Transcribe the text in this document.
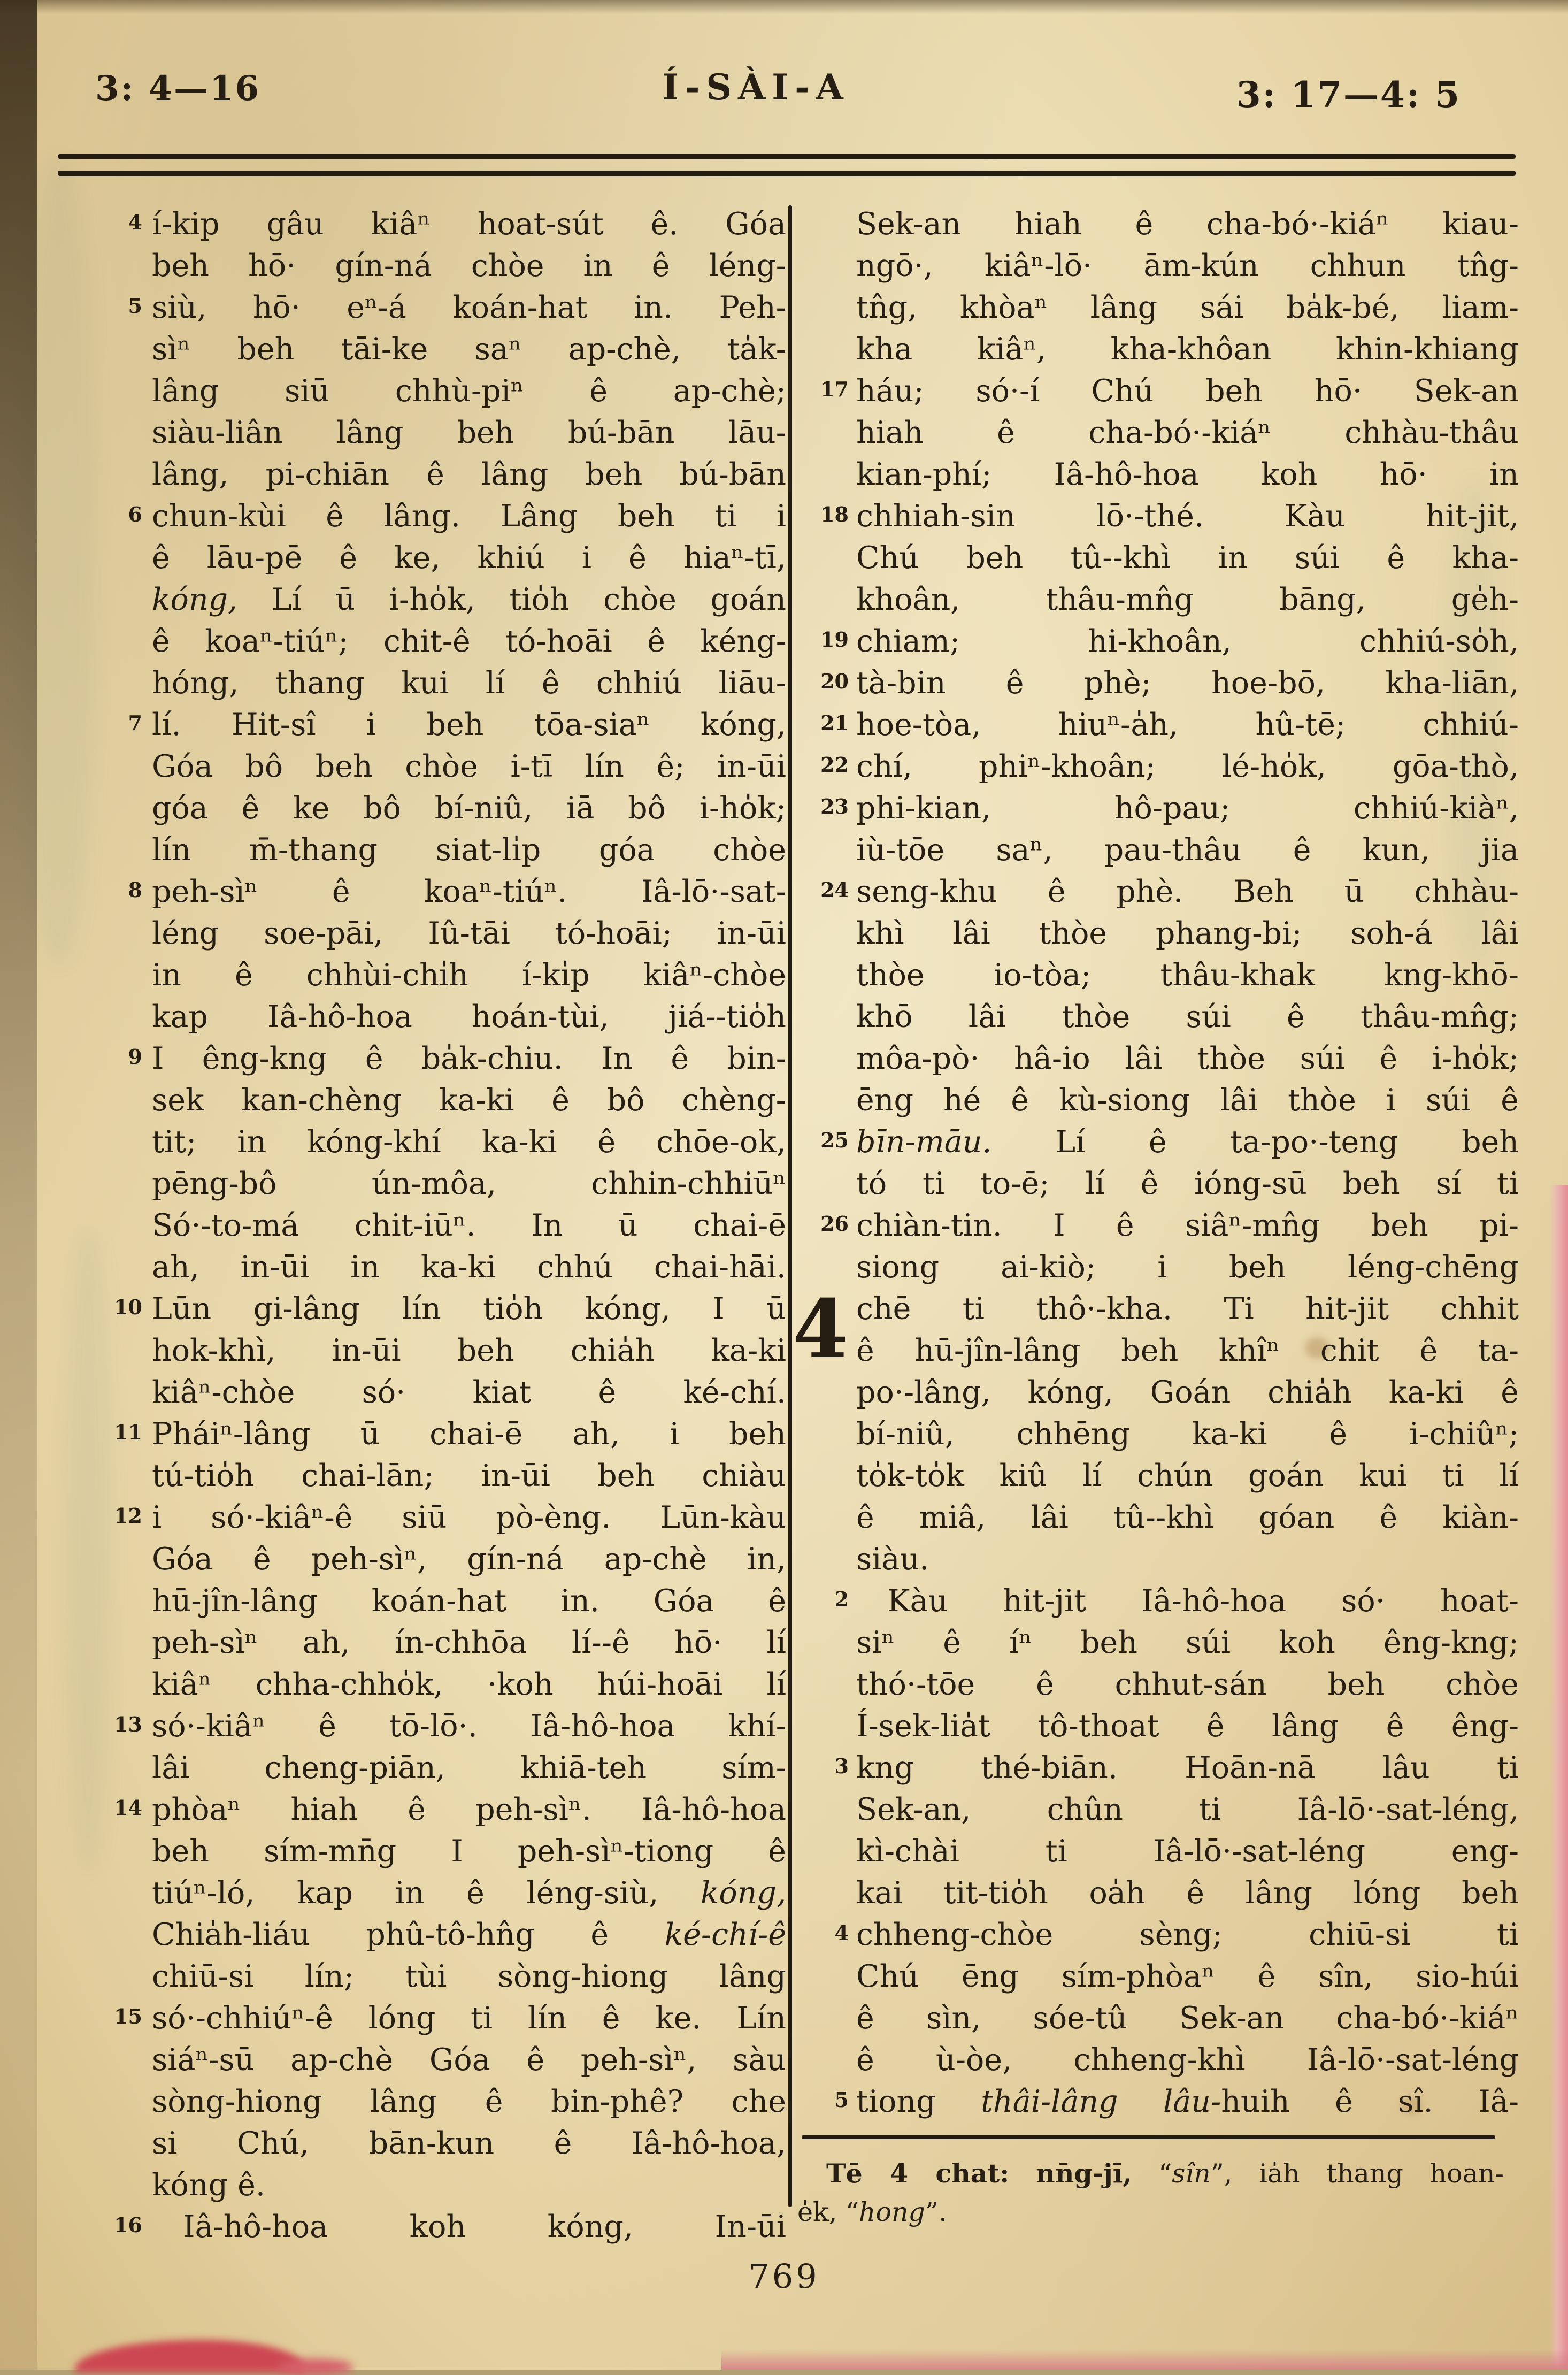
3: 4—16	Í-SÀI-A	3: 17—4: 5
4 í-kip gâu kiâⁿ hoat-sút ê. Góa
beh hō· gín-ná chòe in ê léng-
5 siù, hō· eⁿ-á koán-hat in. Peh-
sìⁿ beh tāi-ke saⁿ ap-chè, ta̍k-
lâng siū chhù-piⁿ ê ap-chè;
siàu-liân lâng beh bú-bān lāu-
lâng, pi-chiān ê lâng beh bú-bān
6 chun-kùi ê lâng. Lâng beh ti i
ê lāu-pē ê ke, khiú i ê hiaⁿ-tī,
kóng, Lí ū i-ho̍k, tio̍h chòe goán
ê koaⁿ-tiúⁿ; chit-ê tó-hoāi ê kéng-
hóng, thang kui lí ê chhiú liāu-
7 lí. Hit-sî i beh tōa-siaⁿ kóng,
Góa bô beh chòe i-tī lín ê; in-ūi
góa ê ke bô bí-niû, iā bô i-ho̍k;
lín m̄-thang siat-li̍p góa chòe
8 peh-sìⁿ ê koaⁿ-tiúⁿ. Iâ-lō·-sat-
léng soe-pāi, Iû-tāi tó-hoāi; in-ūi
in ê chhùi-chi̍h í-ki̍p kiâⁿ-chòe
kap Iâ-hô-hoa hoán-tùi, jiá--tio̍h
9 I êng-kng ê ba̍k-chiu. In ê bin-
sek kan-chèng ka-ki ê bô chèng-
tit; in kóng-khí ka-ki ê chōe-ok,
pēng-bô ún-môa, chhin-chhiūⁿ
Só·-to-má chit-iūⁿ. In ū chai-ē
ah, in-ūi in ka-ki chhú chai-hāi.
10 Lūn gi-lâng lín tio̍h kóng, I ū
hok-khì, in-ūi beh chia̍h ka-ki
kiâⁿ-chòe só· kiat ê ké-chí.
11 Pháiⁿ-lâng ū chai-ē ah, i beh
tú-tio̍h chai-lān; in-ūi beh chiàu
12 i só·-kiâⁿ-ê siū pò-èng. Lūn-kàu
Góa ê peh-sìⁿ, gín-ná ap-chè in,
hū-jîn-lâng koán-hat in. Góa ê
peh-sìⁿ ah, ín-chhōa lí--ê hō· lí
kiâⁿ chha-chho̍k, ·koh húi-hoāi lí
13 só·-kiâⁿ ê tō-lō·. Iâ-hô-hoa khí-
lâi cheng-piān, khiā-teh sím-
14 phòaⁿ hiah ê peh-sìⁿ. Iâ-hô-hoa
beh sím-mn̄g I peh-sìⁿ-tiong ê
tiúⁿ-ló, kap in ê léng-siù, kóng,
Chia̍h-liáu phû-tô-hn̂g ê ké-chí-ê
chiū-si lín; tùi sòng-hiong lâng
15 só·-chhiúⁿ-ê lóng ti lín ê ke. Lín
siáⁿ-sū ap-chè Góa ê peh-sìⁿ, sàu
sòng-hiong lâng ê bin-phê? che
si Chú, bān-kun ê Iâ-hô-hoa,
kóng ê.
16	Iâ-hô-hoa koh kóng, In-ūi
Sek-an hiah ê cha-bó·-kiáⁿ kiau-
ngō·, kiâⁿ-lō· ām-kún chhun tn̂g-
tn̂g, khòaⁿ lâng sái ba̍k-bé, liam-
kha kiâⁿ, kha-khôan khin-khiang
17 háu; só·-í Chú beh hō· Sek-an
hiah ê cha-bó·-kiáⁿ chhàu-thâu
kian-phí; Iâ-hô-hoa koh hō· in
18 chhiah-sin lō·-thé. Kàu hit-jit,
Chú beh tû--khì in súi ê kha-
khoân, thâu-mn̂g bāng, ge̍h-
19 chiam; hi-khoân, chhiú-so̍h,
20 tà-bin ê phè; hoe-bō, kha-liān,
21 hoe-tòa, hiuⁿ-a̍h, hû-tē; chhiú-
22 chí, phiⁿ-khoân; lé-ho̍k, gōa-thò,
23 phi-kian, hô-pau; chhiú-kiàⁿ,
iù-tōe saⁿ, pau-thâu ê kun, jia
24 seng-khu ê phè. Beh ū chhàu-
khì lâi thòe phang-bi; soh-á lâi
thòe io-tòa; thâu-khak kng-khō-
khō lâi thòe súi ê thâu-mn̂g;
môa-pò· hâ-io lâi thòe súi ê i-ho̍k;
ēng hé ê kù-siong lâi thòe i súi ê
25 bīn-māu. Lí ê ta-po·-teng beh
tó ti to-ē; lí ê ióng-sū beh sí ti
26 chiàn-tin. I ê siâⁿ-mn̂g beh pi-
siong ai-kiò; i beh léng-chēng
chē ti thô·-kha. Ti hit-jit chhit
4 ê hū-jîn-lâng beh khîⁿ chit ê ta-
po·-lâng, kóng, Goán chia̍h ka-ki ê
bí-niû, chhēng ka-ki ê i-chiûⁿ;
to̍k-to̍k kiû lí chún goán kui ti lí
ê miâ, lâi tû--khì góan ê kiàn-
siàu.
2	Kàu hit-jit Iâ-hô-hoa só· hoat-
siⁿ ê íⁿ beh súi koh êng-kng;
thó·-tōe ê chhut-sán beh chòe
Í-sek-lia̍t tô-thoat ê lâng ê êng-
3 kng thé-biān. Hoān-nā lâu ti
Sek-an, chûn ti Iâ-lō·-sat-léng,
kì-chài ti Iâ-lō·-sat-léng eng-
kai tit-tio̍h oa̍h ê lâng lóng beh
4 chheng-chòe sèng; chiū-si ti
Chú ēng sím-phòaⁿ ê sîn, sio-húi
ê sìn, sóe-tû Sek-an cha-bó·-kiáⁿ
ê ù-òe, chheng-khì Iâ-lō·-sat-léng
5 tiong thâi-lâng lâu-huih ê sî. Iâ-
Tē 4 chat: nn̄g-jī, “sîn”, ia̍h thang hoan-
e̍k, “hong”.
769
